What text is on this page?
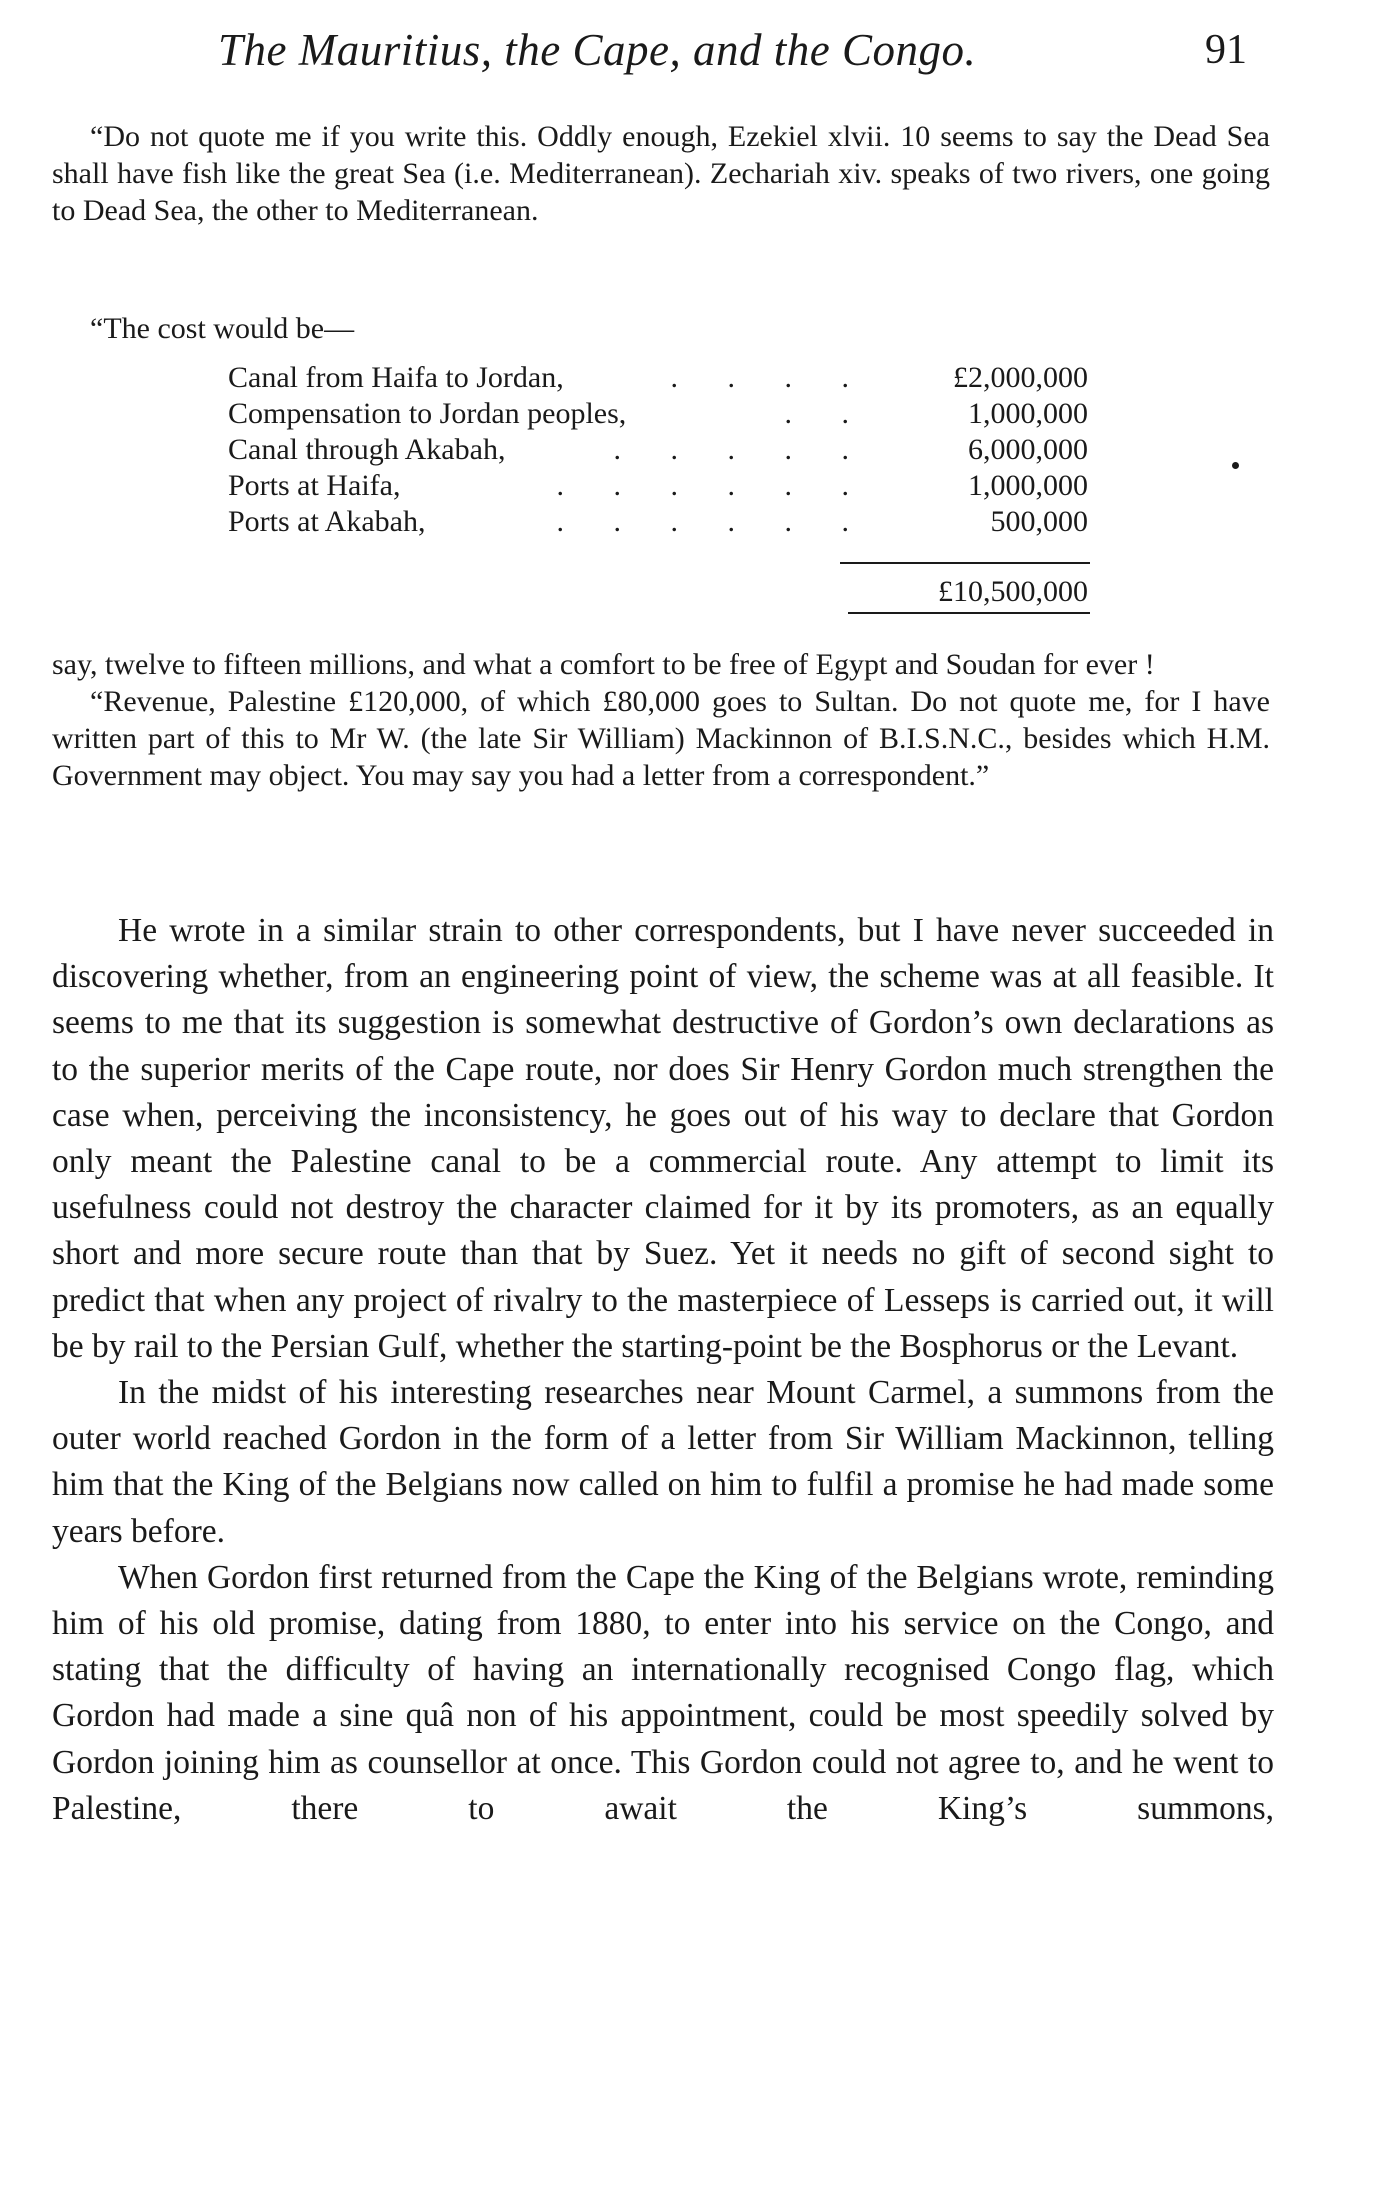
The Mauritius, the Cape, and the Congo.	91

“Do not quote me if you write this. Oddly enough, Ezekiel xlvii. 10 seems to say the Dead Sea shall have fish like the great Sea (i.e. Mediterranean). Zechariah xiv. speaks of two rivers, one going to Dead Sea, the other to Mediterranean.

“The cost would be—
Canal from Haifa to Jordan,	. . . .	£2,000,000
Compensation to Jordan peoples,	. .	1,000,000
Canal through Akabah,	. . . . .	6,000,000
Ports at Haifa,	. . . . . .	1,000,000
Ports at Akabah,	. . . . . .	500,000
£10,500,000

say, twelve to fifteen millions, and what a comfort to be free of Egypt and Soudan for ever !

“Revenue, Palestine £120,000, of which £80,000 goes to Sultan. Do not quote me, for I have written part of this to Mr W. (the late Sir William) Mackinnon of B.I.S.N.C., besides which H.M. Government may object. You may say you had a letter from a correspondent.”

He wrote in a similar strain to other correspondents, but I have never succeeded in discovering whether, from an engineering point of view, the scheme was at all feasible. It seems to me that its suggestion is somewhat destructive of Gordon’s own declarations as to the superior merits of the Cape route, nor does Sir Henry Gordon much strengthen the case when, perceiving the inconsistency, he goes out of his way to declare that Gordon only meant the Palestine canal to be a commercial route. Any attempt to limit its usefulness could not destroy the character claimed for it by its promoters, as an equally short and more secure route than that by Suez. Yet it needs no gift of second sight to predict that when any project of rivalry to the masterpiece of Lesseps is carried out, it will be by rail to the Persian Gulf, whether the starting-point be the Bosphorus or the Levant.

In the midst of his interesting researches near Mount Carmel, a summons from the outer world reached Gordon in the form of a letter from Sir William Mackinnon, telling him that the King of the Belgians now called on him to fulfil a promise he had made some years before.

When Gordon first returned from the Cape the King of the Belgians wrote, reminding him of his old promise, dating from 1880, to enter into his service on the Congo, and stating that the difficulty of having an internationally recognised Congo flag, which Gordon had made a sine quâ non of his appointment, could be most speedily solved by Gordon joining him as counsellor at once. This Gordon could not agree to, and he went to Palestine, there to await the King’s summons,
